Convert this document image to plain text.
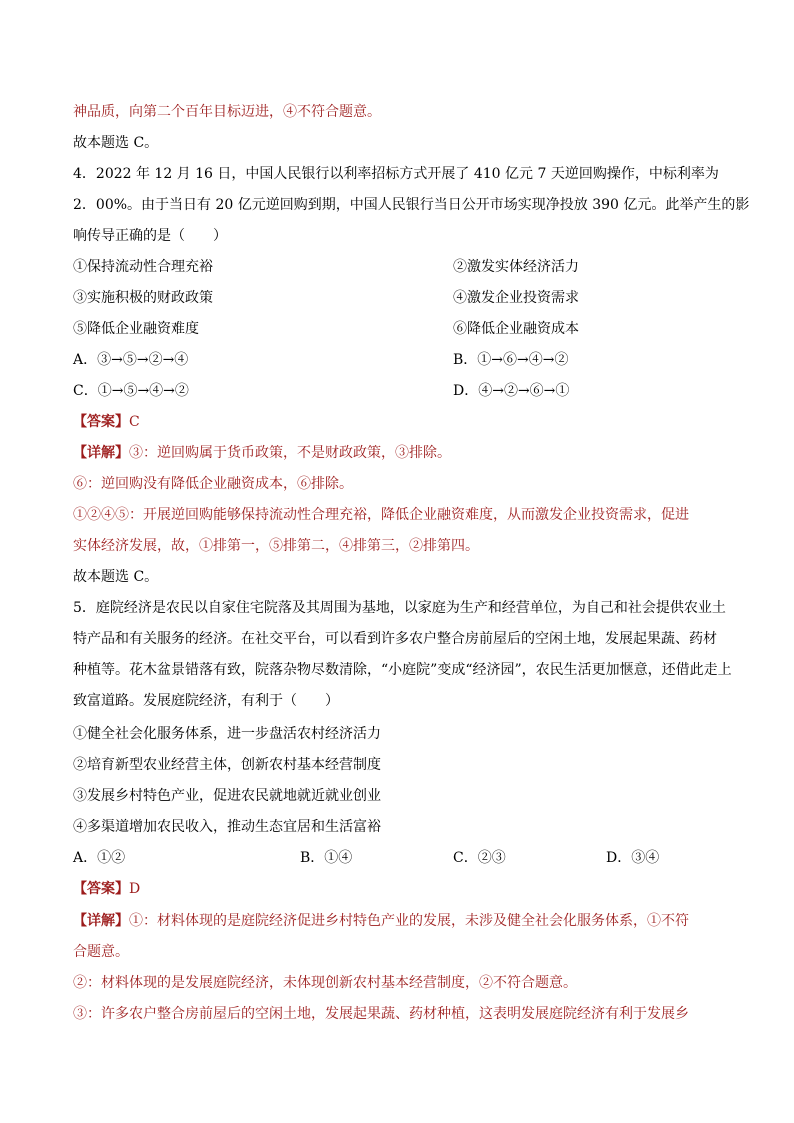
神品质，向第二个百年目标迈进，④不符合题意。
故本题选 C。
4．2022 年 12 月 16 日，中国人民银行以利率招标方式开展了 410 亿元 7 天逆回购操作，中标利率为
2．00%。由于当日有 20 亿元逆回购到期，中国人民银行当日公开市场实现净投放 390 亿元。此举产生的影
响传导正确的是（　　）
①保持流动性合理充裕	②激发实体经济活力
③实施积极的财政政策	④激发企业投资需求
⑤降低企业融资难度	⑥降低企业融资成本
A．③→⑤→②→④	B．①→⑥→④→②
C．①→⑤→④→②	D．④→②→⑥→①
【答案】C
【详解】③：逆回购属于货币政策，不是财政政策，③排除。
⑥：逆回购没有降低企业融资成本，⑥排除。
①②④⑤：开展逆回购能够保持流动性合理充裕，降低企业融资难度，从而激发企业投资需求，促进
实体经济发展，故，①排第一，⑤排第二，④排第三，②排第四。
故本题选 C。
5．庭院经济是农民以自家住宅院落及其周围为基地，以家庭为生产和经营单位，为自己和社会提供农业土
特产品和有关服务的经济。在社交平台，可以看到许多农户整合房前屋后的空闲土地，发展起果蔬、药材
种植等。花木盆景错落有致，院落杂物尽数清除，“小庭院”变成“经济园”，农民生活更加惬意，还借此走上
致富道路。发展庭院经济，有利于（　　）
①健全社会化服务体系，进一步盘活农村经济活力
②培育新型农业经营主体，创新农村基本经营制度
③发展乡村特色产业，促进农民就地就近就业创业
④多渠道增加农民收入，推动生态宜居和生活富裕
A．①②	B．①④	C．②③	D．③④
【答案】D
【详解】①：材料体现的是庭院经济促进乡村特色产业的发展，未涉及健全社会化服务体系，①不符
合题意。
②：材料体现的是发展庭院经济，未体现创新农村基本经营制度，②不符合题意。
③：许多农户整合房前屋后的空闲土地，发展起果蔬、药材种植，这表明发展庭院经济有利于发展乡
